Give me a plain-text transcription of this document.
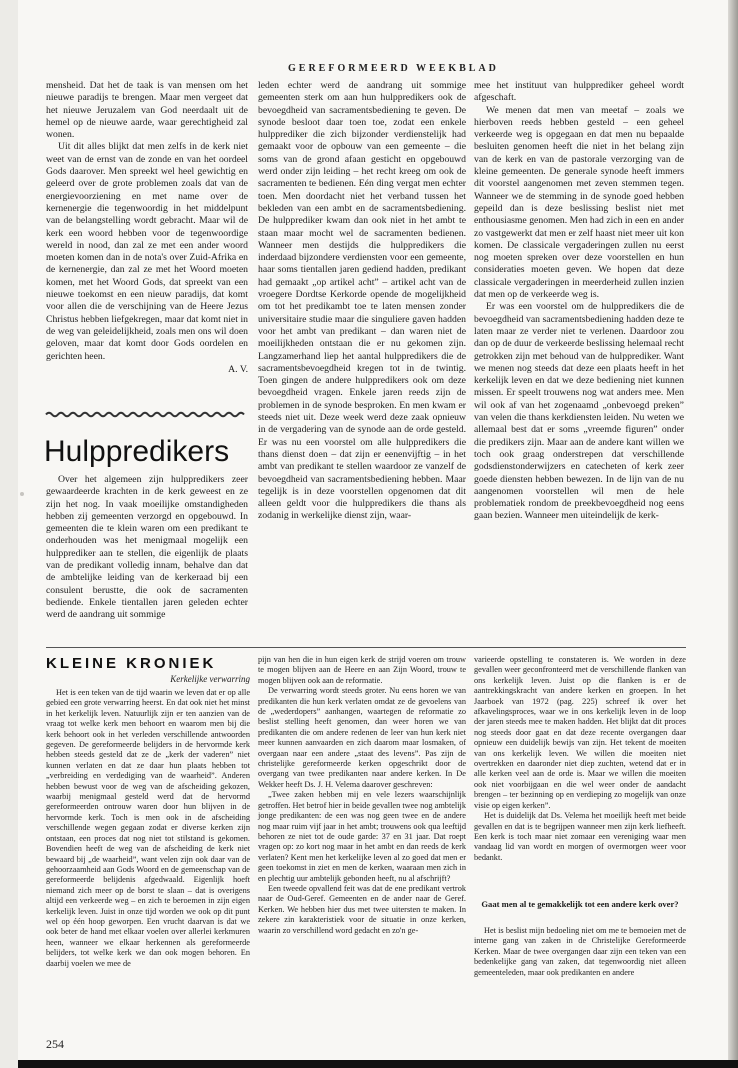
GEREFORMEERD WEEKBLAD

mensheid. Dat het de taak is van mensen om het nieuwe paradijs te brengen. Maar men vergeet dat het nieuwe Jeruzalem van God neerdaalt uit de hemel op de nieuwe aarde, waar gerechtigheid zal wonen.

Uit dit alles blijkt dat men zelfs in de kerk niet weet van de ernst van de zonde en van het oordeel Gods daarover. Men spreekt wel heel gewichtig en geleerd over de grote problemen zoals dat van de energievoorziening en met name over de kernenergie die tegenwoordig in het middelpunt van de belangstelling wordt gebracht. Maar wil de kerk een woord hebben voor de tegenwoordige wereld in nood, dan zal ze met een ander woord moeten komen dan in de nota's over Zuid-Afrika en de kernenergie, dan zal ze met het Woord moeten komen, met het Woord Gods, dat spreekt van een nieuwe toekomst en een nieuw paradijs, dat komt voor allen die de verschijning van de Heere Jezus Christus hebben liefgekregen, maar dat komt niet in de weg van geleidelijkheid, zoals men ons wil doen geloven, maar dat komt door Gods oordelen en gerichten heen.

A. V.
Hulppredikers

Over het algemeen zijn hulppredikers zeer gewaardeerde krachten in de kerk geweest en ze zijn het nog. In vaak moeilijke omstandigheden hebben zij gemeenten verzorgd en opgebouwd. In gemeenten die te klein waren om een predikant te onderhouden was het menigmaal mogelijk een hulpprediker aan te stellen, die eigenlijk de plaats van de predikant volledig innam, behalve dan dat de ambtelijke leiding van de kerkeraad bij een consulent berustte, die ook de sacramenten bediende. Enkele tientallen jaren geleden echter werd de aandrang uit sommige

leden echter werd de aandrang uit sommige gemeenten sterk om aan hun hulppredikers ook de bevoegdheid van sacramentsbediening te geven. De synode besloot daar toen toe, zodat een enkele hulpprediker die zich bijzonder verdienstelijk had gemaakt voor de opbouw van een gemeente – die soms van de grond afaan gesticht en opgebouwd werd onder zijn leiding – het recht kreeg om ook de sacramenten te bedienen. Eén ding vergat men echter toen. Men doordacht niet het verband tussen het bekleden van een ambt en de sacramentsbediening. De hulpprediker kwam dan ook niet in het ambt te staan maar mocht wel de sacramenten bedienen. Wanneer men destijds die hulppredikers die inderdaad bijzondere verdiensten voor een gemeente, haar soms tientallen jaren gediend hadden, predikant had gemaakt „op artikel acht” – artikel acht van de vroegere Dordtse Kerkorde opende de mogelijkheid om tot het predikambt toe te laten mensen zonder universitaire studie maar die singuliere gaven hadden voor het ambt van predikant – dan waren niet de moeilijkheden ontstaan die er nu gekomen zijn. Langzamerhand liep het aantal hulppredikers die de sacramentsbevoegdheid kregen tot in de twintig. Toen gingen de andere hulppredikers ook om deze bevoegdheid vragen. Enkele jaren reeds zijn de problemen in de synode besproken. En men kwam er steeds niet uit. Deze week werd deze zaak opnieuw in de vergadering van de synode aan de orde gesteld. Er was nu een voorstel om alle hulppredikers die thans dienst doen – dat zijn er eenenvijftig – in het ambt van predikant te stellen waardoor ze vanzelf de bevoegdheid van sacramentsbediening hebben. Maar tegelijk is in deze voorstellen opgenomen dat dit alleen geldt voor die hulppredikers die thans als zodanig in werkelijke dienst zijn, waar-

mee het instituut van hulpprediker geheel wordt afgeschaft.

We menen dat men van meetaf – zoals we hierboven reeds hebben gesteld – een geheel verkeerde weg is opgegaan en dat men nu bepaalde besluiten genomen heeft die niet in het belang zijn van de kerk en van de pastorale verzorging van de kleine gemeenten. De generale synode heeft immers dit voorstel aangenomen met zeven stemmen tegen. Wanneer we de stemming in de synode goed hebben gepeild dan is deze beslissing beslist niet met enthousiasme genomen. Men had zich in een en ander zo vastgewerkt dat men er zelf haast niet meer uit kon komen. De classicale vergaderingen zullen nu eerst nog moeten spreken over deze voorstellen en hun consideraties moeten geven. We hopen dat deze classicale vergaderingen in meerderheid zullen inzien dat men op de verkeerde weg is.

Er was een voorstel om de hulppredikers die de bevoegdheid van sacramentsbediening hadden deze te laten maar ze verder niet te verlenen. Daardoor zou dan op de duur de verkeerde beslissing helemaal recht getrokken zijn met behoud van de hulpprediker. Want we menen nog steeds dat deze een plaats heeft in het kerkelijk leven en dat we deze bediening niet kunnen missen. Er speelt trouwens nog wat anders mee. Men wil ook af van het zogenaamd „onbevoegd preken” van velen die thans kerkdiensten leiden. Nu weten we allemaal best dat er soms „vreemde figuren” onder die predikers zijn. Maar aan de andere kant willen we toch ook graag onderstrepen dat verschillende godsdienstonderwijzers en catecheten of kerk zeer goede diensten hebben bewezen. In de lijn van de nu aangenomen voorstellen wil men de hele problematiek rondom de preekbevoegdheid nog eens gaan bezien. Wanneer men uiteindelijk de kerk-

KLEINE KRONIEK
Kerkelijke verwarring

Het is een teken van de tijd waarin we leven dat er op alle gebied een grote verwarring heerst. En dat ook niet het minst in het kerkelijk leven. Natuurlijk zijn er ten aanzien van de vraag tot welke kerk men behoort en waarom men bij die kerk behoort ook in het verleden verschillende antwoorden gegeven. De gereformeerde belijders in de hervormde kerk hebben steeds gesteld dat ze de „kerk der vaderen” niet kunnen verlaten en dat ze daar hun plaats hebben tot „verbreiding en verdediging van de waarheid”. Anderen hebben bewust voor de weg van de afscheiding gekozen, waarbij menigmaal gesteld werd dat de hervormd gereformeerden ontrouw waren door hun blijven in de hervormde kerk. Toch is men ook in de afscheiding verschillende wegen gegaan zodat er diverse kerken zijn ontstaan, een proces dat nog niet tot stilstand is gekomen. Bovendien heeft de weg van de afscheiding de kerk niet bewaard bij „de waarheid”, want velen zijn ook daar van de gehoorzaamheid aan Gods Woord en de gemeenschap van de gereformeerde belijdenis afgedwaald. Eigenlijk hoeft niemand zich meer op de borst te slaan – dat is overigens altijd een verkeerde weg – en zich te beroemen in zijn eigen kerkelijk leven. Juist in onze tijd worden we ook op dit punt wel op één hoop geworpen. Een vrucht daarvan is dat we ook beter de hand met elkaar voelen over allerlei kerkmuren heen, wanneer we elkaar herkennen als gereformeerde belijders, tot welke kerk we dan ook mogen behoren. En daarbij voelen we mee de

pijn van hen die in hun eigen kerk de strijd voeren om trouw te mogen blijven aan de Heere en aan Zijn Woord, trouw te mogen blijven ook aan de reformatie.

De verwarring wordt steeds groter. Nu eens horen we van predikanten die hun kerk verlaten omdat ze de gevoelens van de „wederdopers” aanhangen, waartegen de reformatie zo beslist stelling heeft genomen, dan weer horen we van predikanten die om andere redenen de leer van hun kerk niet meer kunnen aanvaarden en zich daarom maar losmaken, of overgaan naar een andere „staat des levens”. Pas zijn de christelijke gereformeerde kerken opgeschrikt door de overgang van twee predikanten naar andere kerken. In De Wekker heeft Ds. J. H. Velema daarover geschreven:

„Twee zaken hebben mij en vele lezers waarschijnlijk getroffen. Het betrof hier in beide gevallen twee nog ambtelijk jonge predikanten: de een was nog geen twee en de andere nog maar ruim vijf jaar in het ambt; trouwens ook qua leeftijd behoren ze niet tot de oude garde: 37 en 31 jaar. Dat roept vragen op: zo kort nog maar in het ambt en dan reeds de kerk verlaten? Kent men het kerkelijke leven al zo goed dat men er geen toekomst in ziet en men de kerken, waaraan men zich in en plechtig uur ambtelijk gebonden heeft, nu al afschrijft?

Een tweede opvallend feit was dat de ene predikant vertrok naar de Oud-Geref. Gemeenten en de ander naar de Geref. Kerken. We hebben hier dus met twee uitersten te maken. In zekere zin karakteristiek voor de situatie in onze kerken, waarin zo verschillend word gedacht en zo'n ge-

varieerde opstelling te constateren is. We worden in deze gevallen weer geconfronteerd met de verschillende flanken van ons kerkelijk leven. Juist op die flanken is er de aantrekkingskracht van andere kerken en groepen. In het Jaarboek van 1972 (pag. 225) schreef ik over het afkavelingsproces, waar we in ons kerkelijk leven in de loop der jaren steeds mee te maken hadden. Het blijkt dat dit proces nog steeds door gaat en dat deze recente overgangen daar opnieuw een duidelijk bewijs van zijn. Het tekent de moeiten van ons kerkelijk leven. We willen die moeiten niet overtrekken en daaronder niet diep zuchten, wetend dat er in alle kerken veel aan de orde is. Maar we willen die moeiten ook niet voorbijgaan en die wel weer onder de aandacht brengen – ter bezinning op en verdieping zo mogelijk van onze visie op eigen kerken”.

Het is duidelijk dat Ds. Velema het moeilijk heeft met beide gevallen en dat is te begrijpen wanneer men zijn kerk liefheeft. Een kerk is toch maar niet zomaar een vereniging waar men vandaag lid van wordt en morgen of overmorgen weer voor bedankt.

Gaat men al te gemakkelijk tot een andere kerk over?

Het is beslist mijn bedoeling niet om me te bemoeien met de interne gang van zaken in de Christelijke Gereformeerde Kerken. Maar de twee overgangen daar zijn een teken van een bedenkelijke gang van zaken, dat tegenwoordig niet alleen gemeenteleden, maar ook predikanten en andere

254
